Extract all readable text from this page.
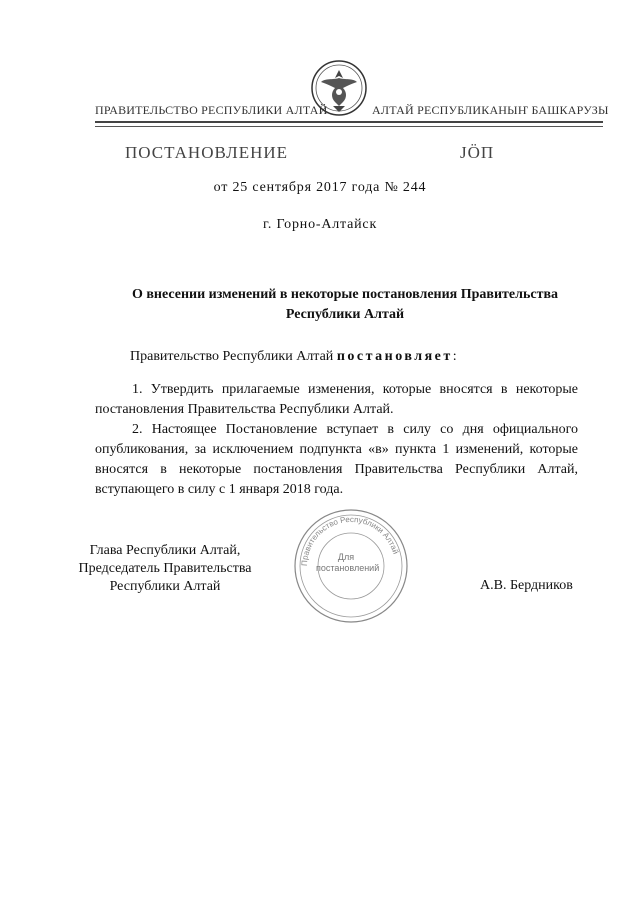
ПРАВИТЕЛЬСТВО РЕСПУБЛИКИ АЛТАЙ	АЛТАЙ РЕСПУБЛИКАНЫҤ БАШКАРУЗЫ
ПОСТАНОВЛЕНИЕ	JÖП
от 25 сентября 2017 года № 244
г. Горно-Алтайск
О внесении изменений в некоторые постановления Правительства Республики Алтай
Правительство Республики Алтай постановляет:
1. Утвердить прилагаемые изменения, которые вносятся в некоторые постановления Правительства Республики Алтай.
2. Настоящее Постановление вступает в силу со дня официального опубликования, за исключением подпункта «в» пункта 1 изменений, которые вносятся в некоторые постановления Правительства Республики Алтай, вступающего в силу с 1 января 2018 года.
Глава Республики Алтай,
Председатель Правительства
Республики Алтай	А.В. Бердников
Правительство Республики Алтай
Для
постановлений
